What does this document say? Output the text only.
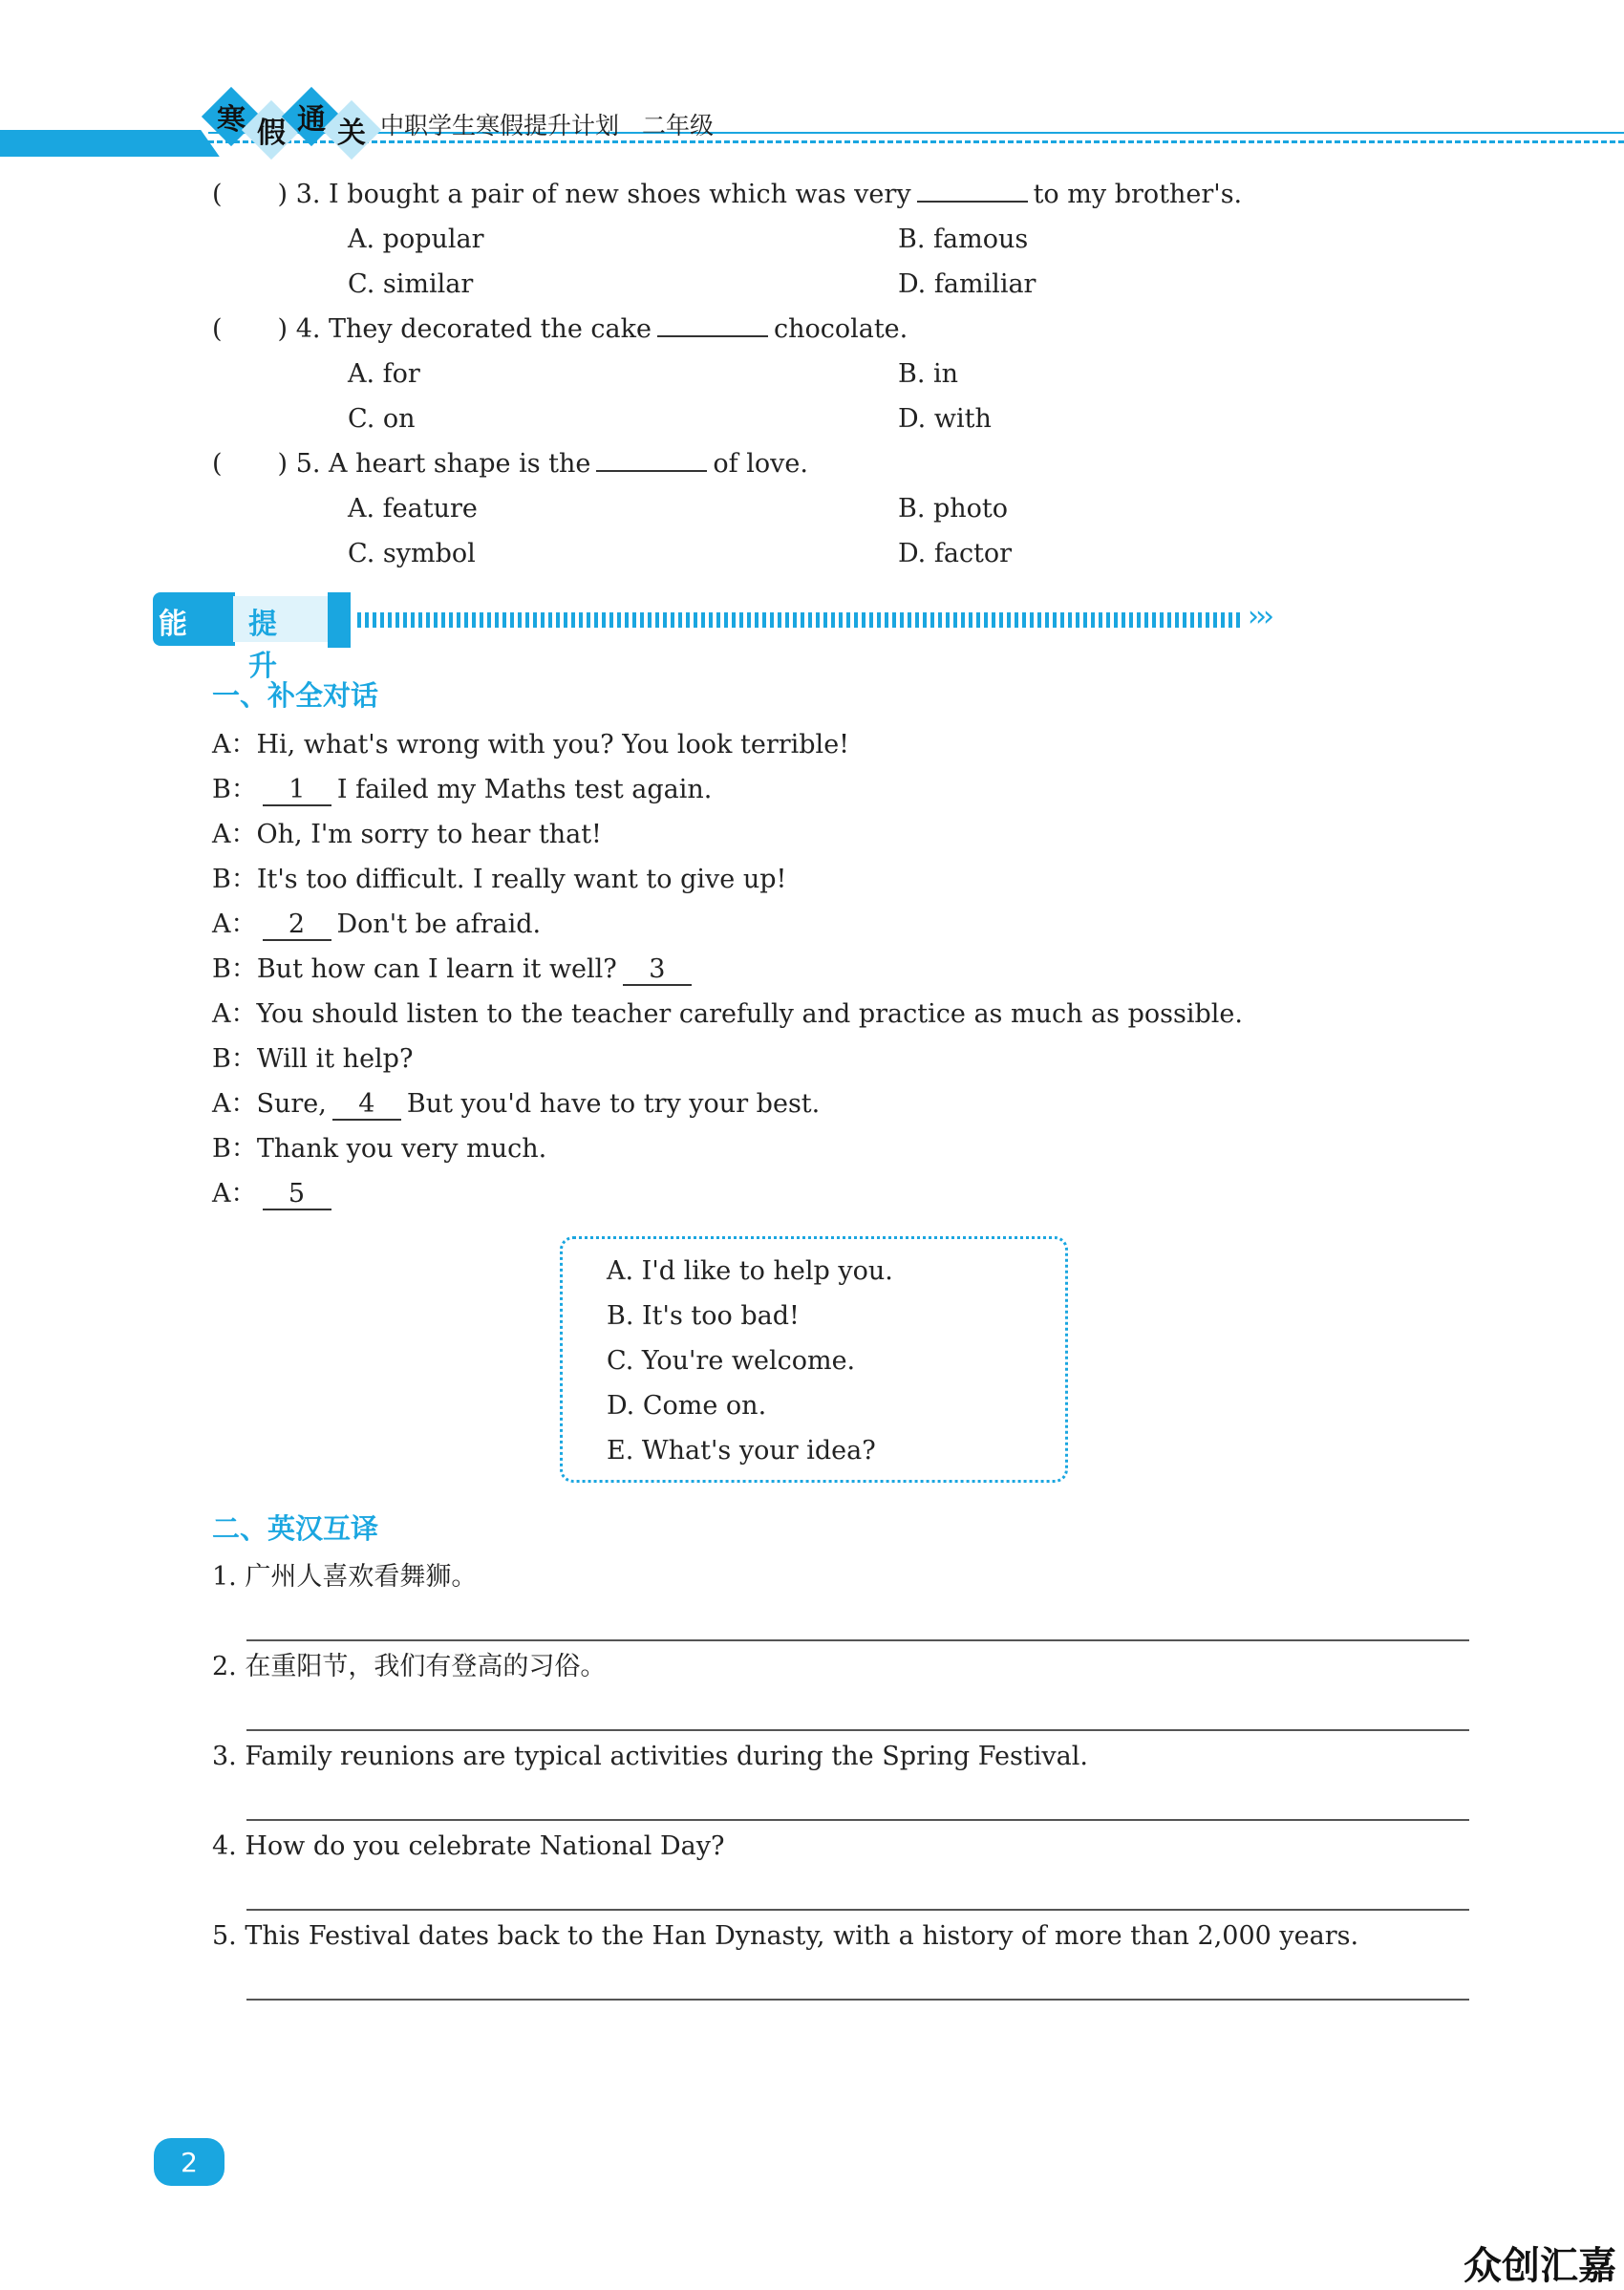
寒 假 通 关 中职学生寒假提升计划 二年级
( ) 3. I bought a pair of new shoes which was very	to my brother's.
A. popular	B. famous
C. similar	D. familiar
( ) 4. They decorated the cake	chocolate.
A. for	B. in
C. on	D. with
( ) 5. A heart shape is the	of love.
A. feature	B. photo
C. symbol	D. factor
能力
提升
›››
一、补全对话
A：Hi, what's wrong with you? You look terrible!
B： 1 I failed my Maths test again.
A：Oh, I'm sorry to hear that!
B：It's too difficult. I really want to give up!
A： 2 Don't be afraid.
B：But how can I learn it well? 3
A：You should listen to the teacher carefully and practice as much as possible.
B：Will it help?
A：Sure, 4 But you'd have to try your best.
B：Thank you very much.
A： 5
A. I'd like to help you.
B. It's too bad!
C. You're welcome.
D. Come on.
E. What's your idea?
二、英汉互译
1. 广州人喜欢看舞狮。
2. 在重阳节，我们有登高的习俗。
3. Family reunions are typical activities during the Spring Festival.
4. How do you celebrate National Day?
5. This Festival dates back to the Han Dynasty, with a history of more than 2,000 years.
2
众创汇嘉
